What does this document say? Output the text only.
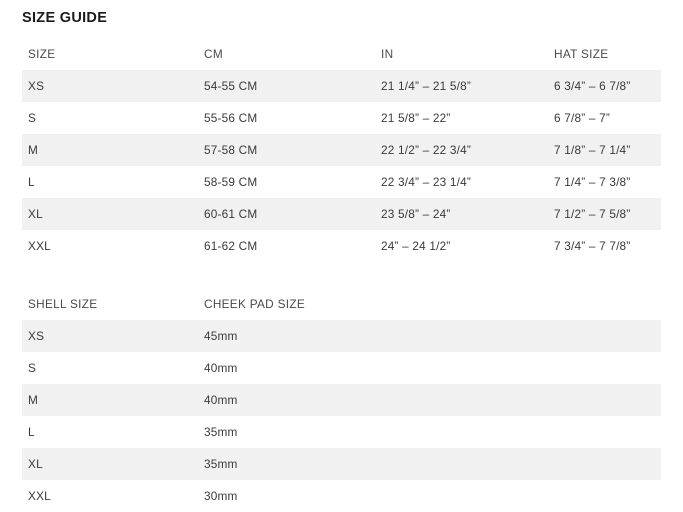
SIZE GUIDE
SIZE	CM	IN	HAT SIZE
XS	54-55 CM	21 1/4” – 21 5/8”	6 3/4” – 6 7/8”
S	55-56 CM	21 5/8” – 22”	6 7/8” – 7”
M	57-58 CM	22 1/2” – 22 3/4”	7 1/8” – 7 1/4”
L	58-59 CM	22 3/4” – 23 1/4”	7 1/4” – 7 3/8”
XL	60-61 CM	23 5/8” – 24”	7 1/2” – 7 5/8”
XXL	61-62 CM	24” – 24 1/2”	7 3/4” – 7 7/8”
SHELL SIZE	CHEEK PAD SIZE
XS	45mm
S	40mm
M	40mm
L	35mm
XL	35mm
XXL	30mm
